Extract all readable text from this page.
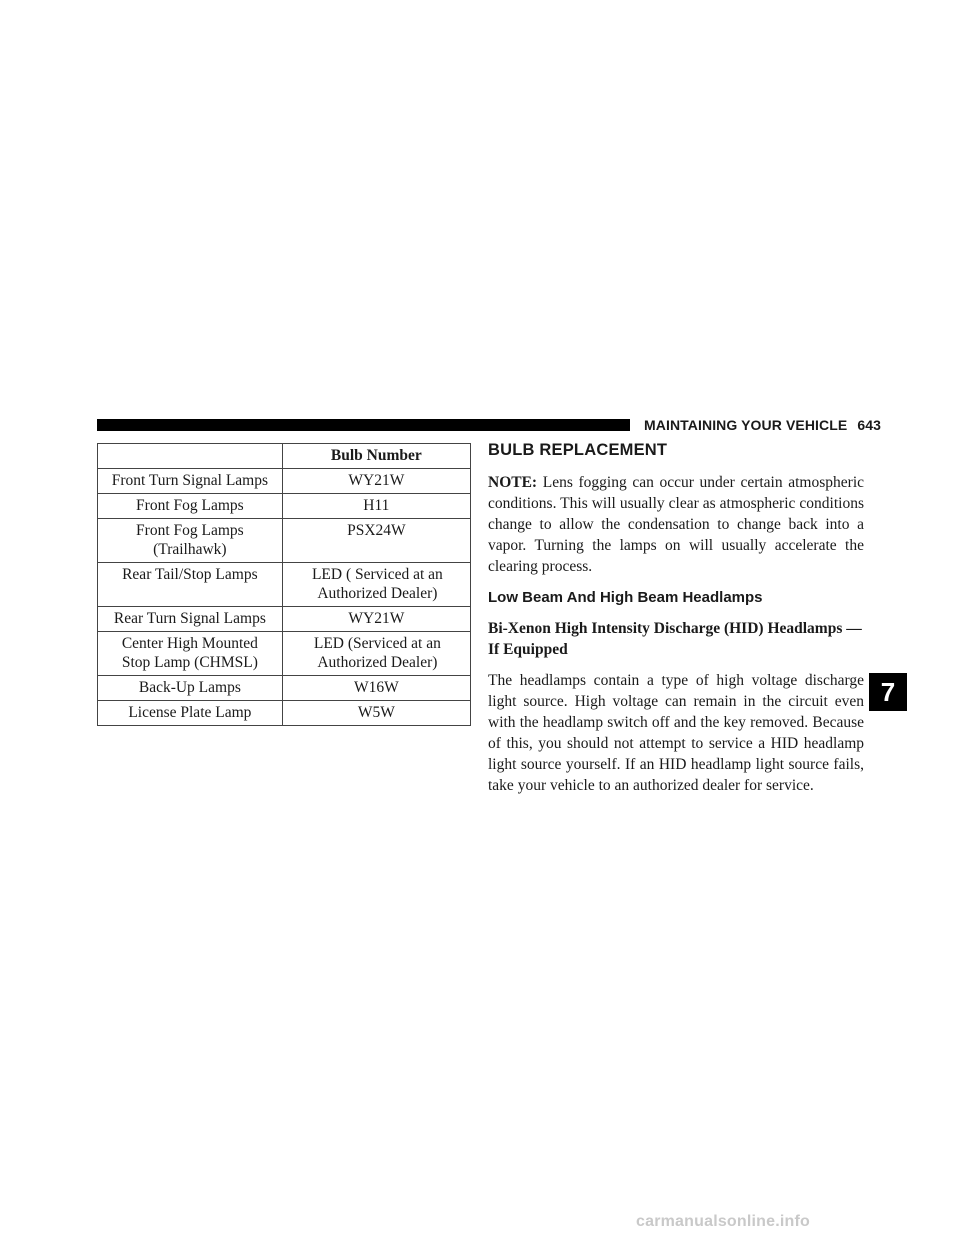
MAINTAINING YOUR VEHICLE 643
	Bulb Number
Front Turn Signal Lamps	WY21W
Front Fog Lamps	H11
Front Fog Lamps (Trailhawk)	PSX24W
Rear Tail/Stop Lamps	LED ( Serviced at an Authorized Dealer)
Rear Turn Signal Lamps	WY21W
Center High Mounted Stop Lamp (CHMSL)	LED (Serviced at an Authorized Dealer)
Back-Up Lamps	W16W
License Plate Lamp	W5W
BULB REPLACEMENT

NOTE: Lens fogging can occur under certain atmospheric conditions. This will usually clear as atmospheric conditions change to allow the condensation to change back into a vapor. Turning the lamps on will usually accelerate the clearing process.

Low Beam And High Beam Headlamps
Bi-Xenon High Intensity Discharge (HID) Headlamps — If Equipped

The headlamps contain a type of high voltage discharge light source. High voltage can remain in the circuit even with the headlamp switch off and the key removed. Because of this, you should not attempt to service a HID headlamp light source yourself. If an HID headlamp light source fails, take your vehicle to an authorized dealer for service.

7
carmanualsonline.info
